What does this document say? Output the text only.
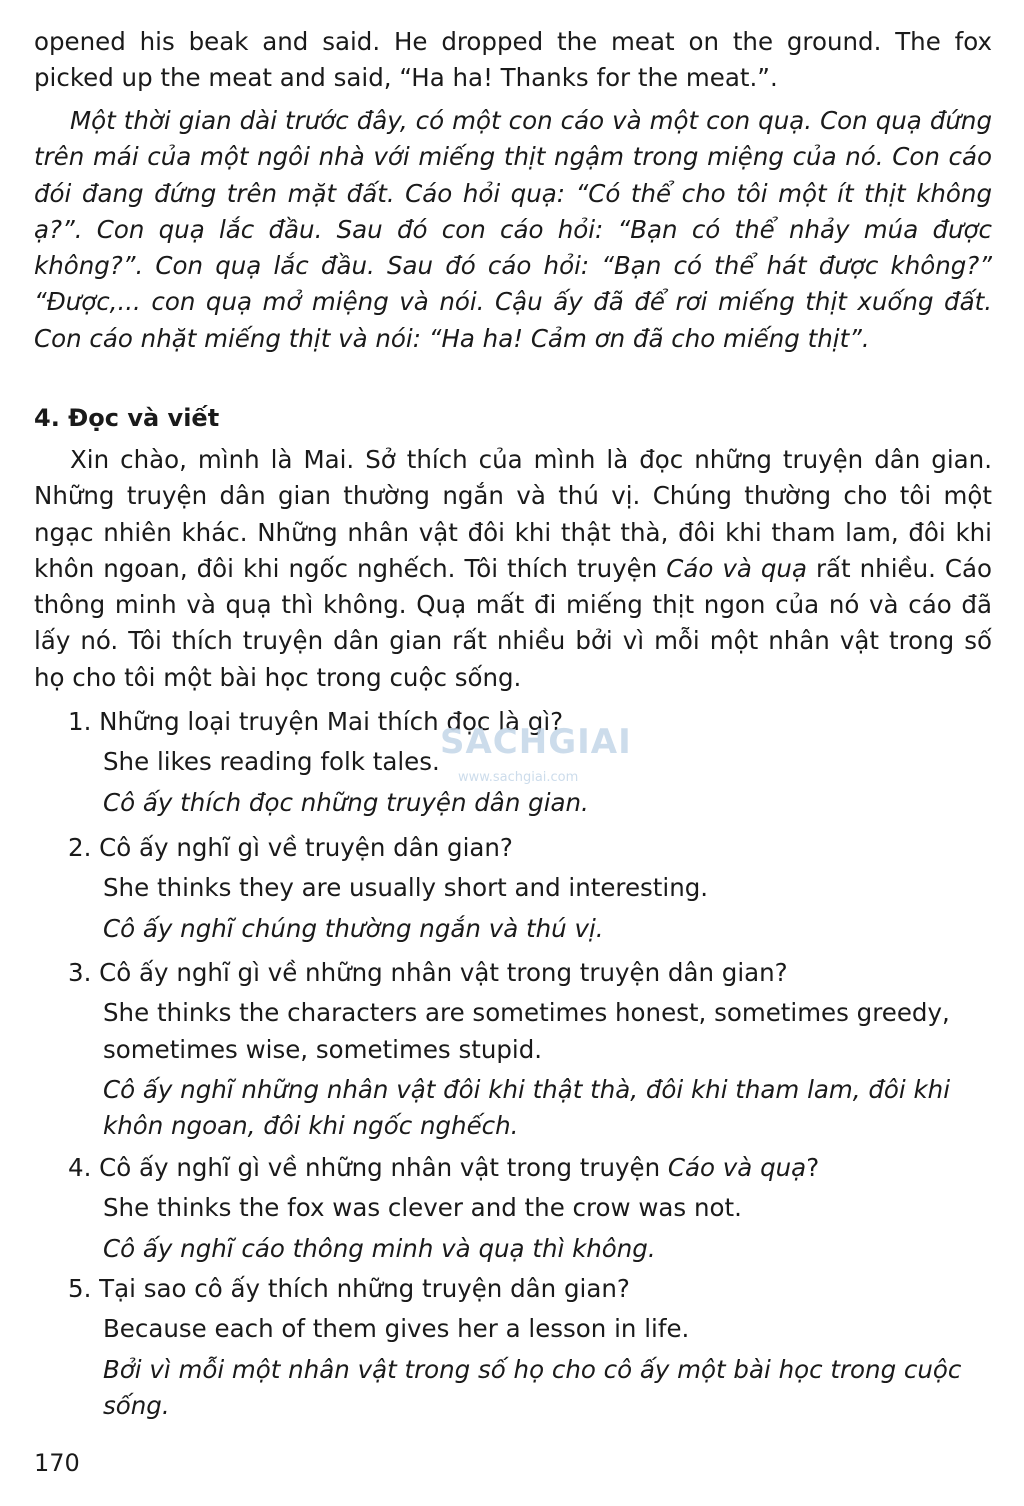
opened his beak and said. He dropped the meat on the ground. The fox picked up the meat and said, “Ha ha! Thanks for the meat.”.

Một thời gian dài trước đây, có một con cáo và một con quạ. Con quạ đứng trên mái của một ngôi nhà với miếng thịt ngậm trong miệng của nó. Con cáo đói đang đứng trên mặt đất. Cáo hỏi quạ: “Có thể cho tôi một ít thịt không ạ?”. Con quạ lắc đầu. Sau đó con cáo hỏi: “Bạn có thể nhảy múa được không?”. Con quạ lắc đầu. Sau đó cáo hỏi: “Bạn có thể hát được không?” “Được,... con quạ mở miệng và nói. Cậu ấy đã để rơi miếng thịt xuống đất. Con cáo nhặt miếng thịt và nói: “Ha ha! Cảm ơn đã cho miếng thịt”.

4. Đọc và viết

Xin chào, mình là Mai. Sở thích của mình là đọc những truyện dân gian. Những truyện dân gian thường ngắn và thú vị. Chúng thường cho tôi một ngạc nhiên khác. Những nhân vật đôi khi thật thà, đôi khi tham lam, đôi khi khôn ngoan, đôi khi ngốc nghếch. Tôi thích truyện Cáo và quạ rất nhiều. Cáo thông minh và quạ thì không. Quạ mất đi miếng thịt ngon của nó và cáo đã lấy nó. Tôi thích truyện dân gian rất nhiều bởi vì mỗi một nhân vật trong số họ cho tôi một bài học trong cuộc sống.

1. Những loại truyện Mai thích đọc là gì?
She likes reading folk tales.
Cô ấy thích đọc những truyện dân gian.
2. Cô ấy nghĩ gì về truyện dân gian?
She thinks they are usually short and interesting.
Cô ấy nghĩ chúng thường ngắn và thú vị.
3. Cô ấy nghĩ gì về những nhân vật trong truyện dân gian?
She thinks the characters are sometimes honest, sometimes greedy, sometimes wise, sometimes stupid.
Cô ấy nghĩ những nhân vật đôi khi thật thà, đôi khi tham lam, đôi khi khôn ngoan, đôi khi ngốc nghếch.
4. Cô ấy nghĩ gì về những nhân vật trong truyện Cáo và quạ?
She thinks the fox was clever and the crow was not.
Cô ấy nghĩ cáo thông minh và quạ thì không.
5. Tại sao cô ấy thích những truyện dân gian?
Because each of them gives her a lesson in life.
Bởi vì mỗi một nhân vật trong số họ cho cô ấy một bài học trong cuộc sống.
SACHGIAI
www.sachgiai.com
170
